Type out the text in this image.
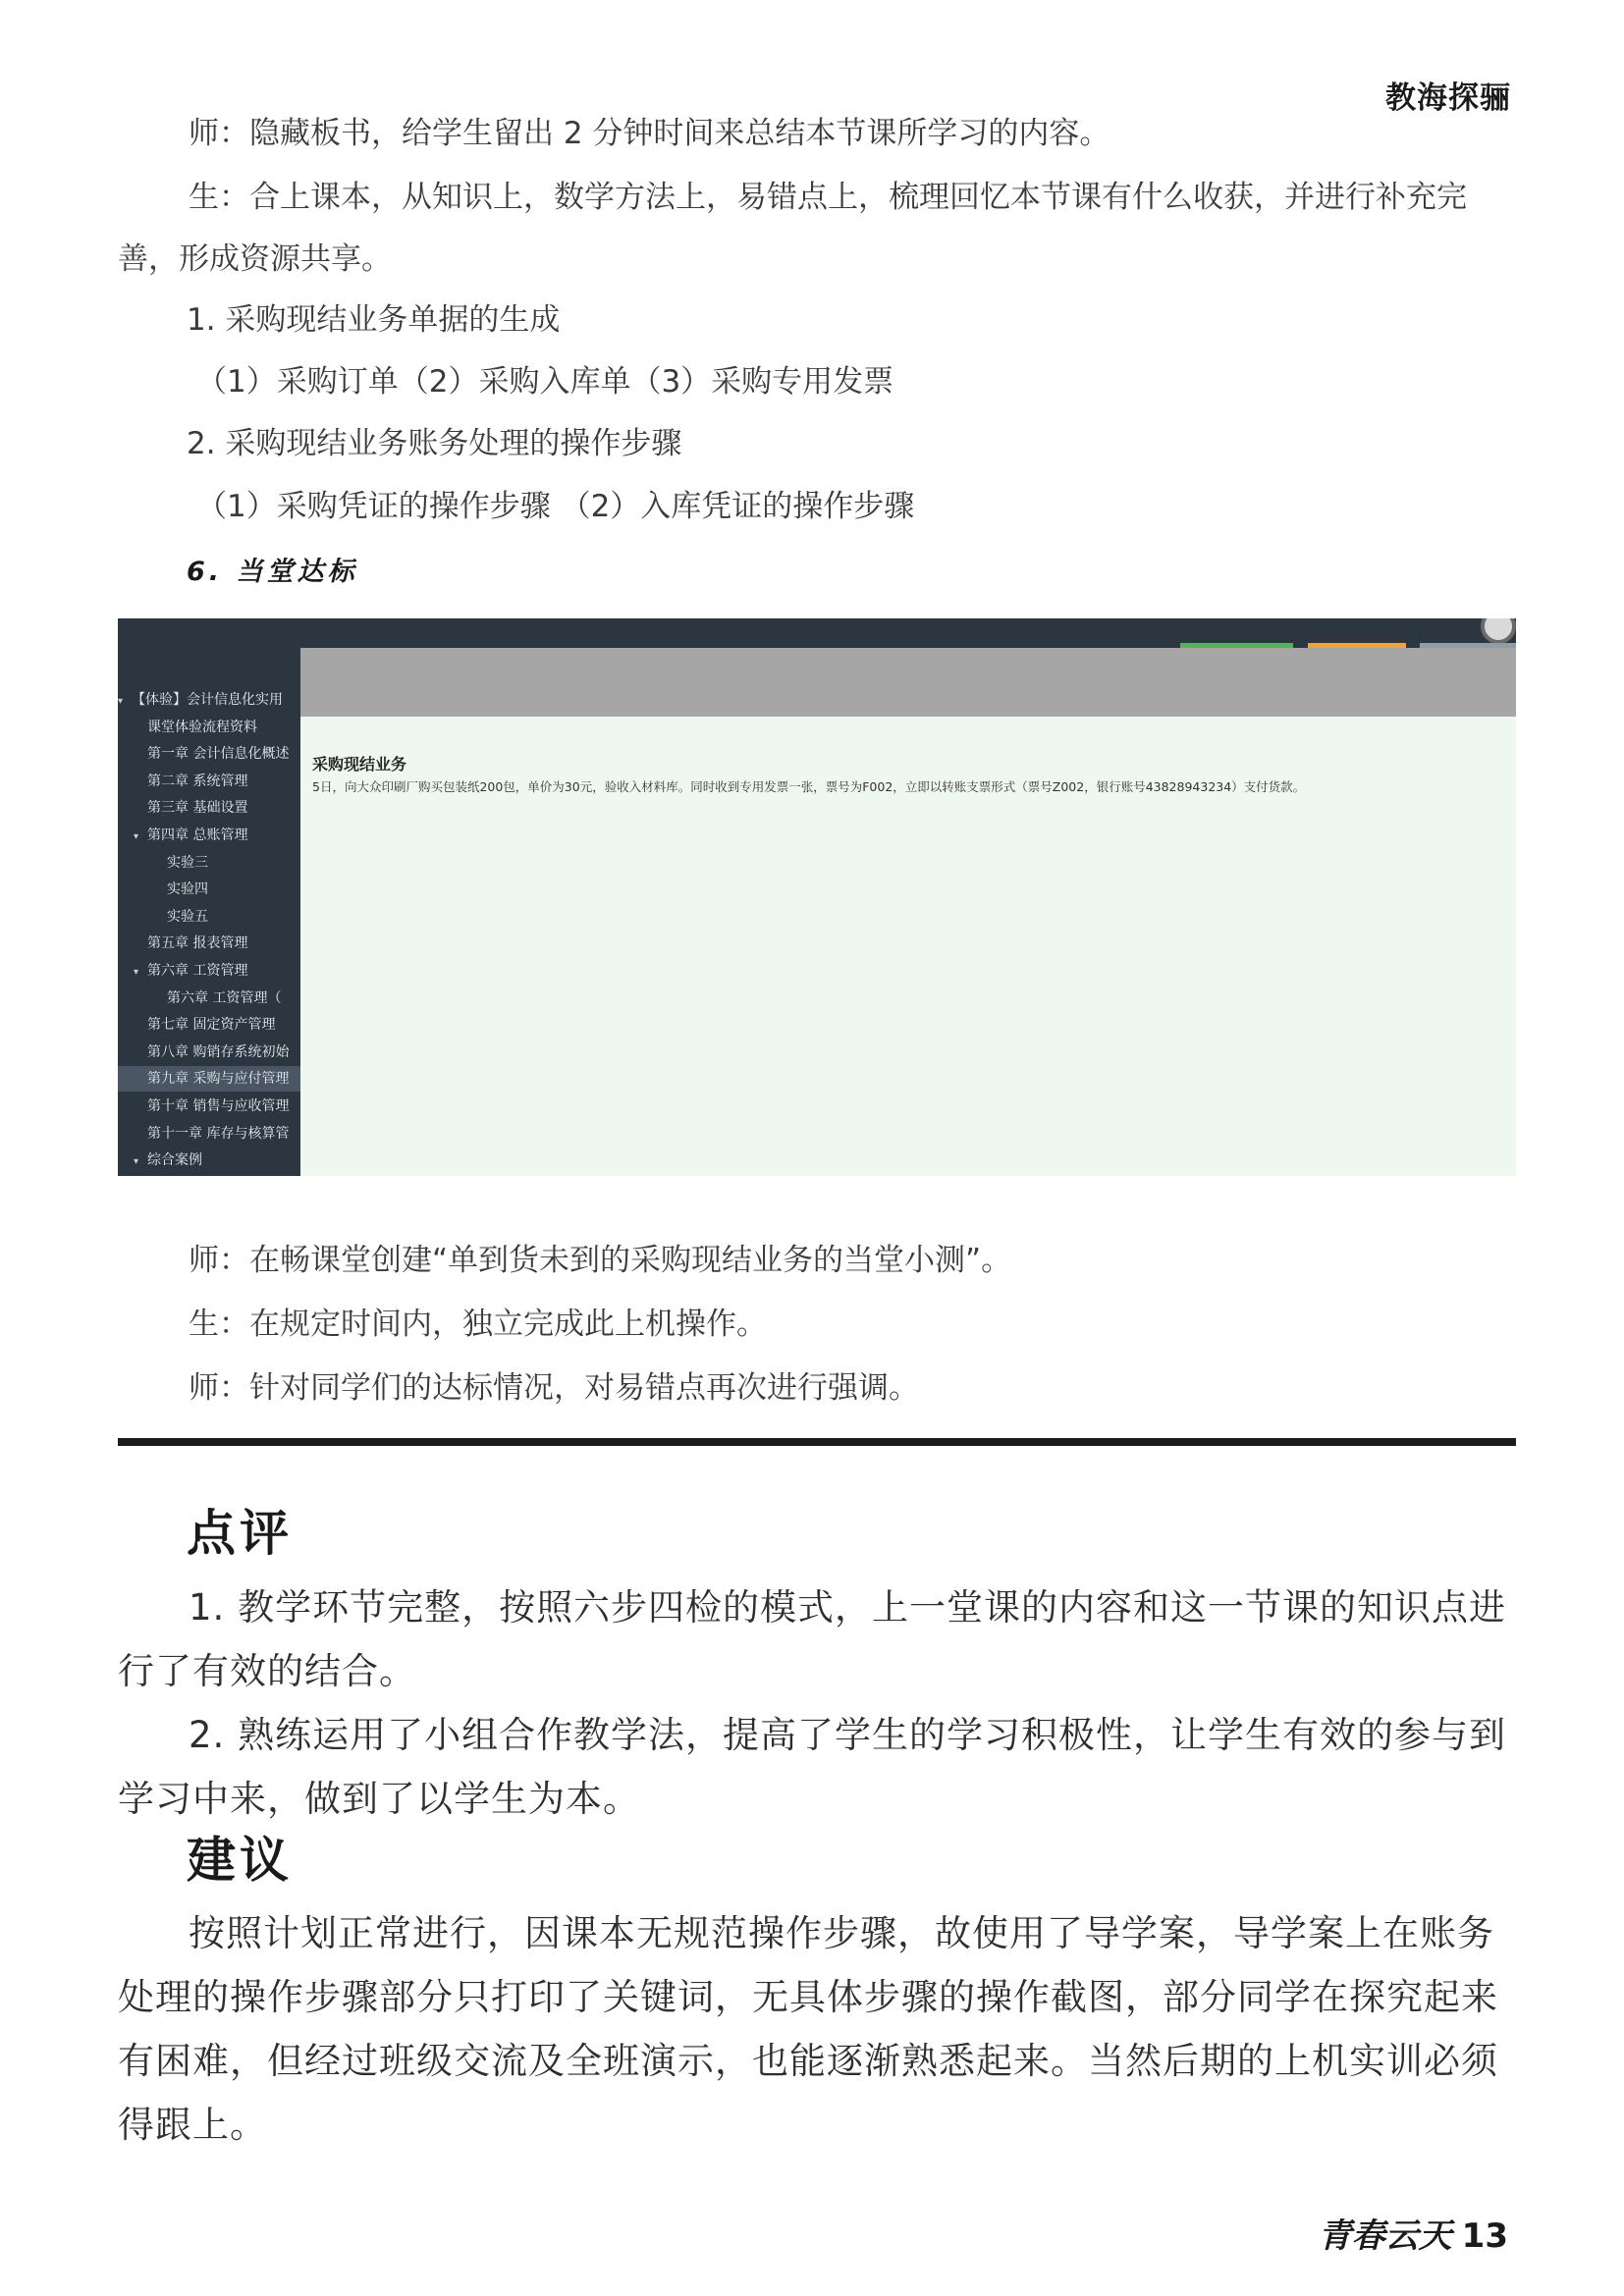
教海探骊
师：隐藏板书，给学生留出 2 分钟时间来总结本节课所学习的内容。
生：合上课本，从知识上，数学方法上，易错点上，梳理回忆本节课有什么收获，并进行补充完
善，形成资源共享。
1. 采购现结业务单据的生成
（1）采购订单（2）采购入库单（3）采购专用发票
2. 采购现结业务账务处理的操作步骤
（1）采购凭证的操作步骤 （2）入库凭证的操作步骤
6. 当堂达标
▾ 【体验】会计信息化实用
课堂体验流程资料
第一章 会计信息化概述
第二章 系统管理
第三章 基础设置
▾ 第四章 总账管理
实验三
实验四
实验五
第五章 报表管理
▾ 第六章 工资管理
第六章 工资管理（
第七章 固定资产管理
第八章 购销存系统初始
第九章 采购与应付管理
第十章 销售与应收管理
第十一章 库存与核算管
▾ 综合案例
采购现结业务
5日，向大众印刷厂购买包装纸200包，单价为30元，验收入材料库。同时收到专用发票一张，票号为F002，立即以转账支票形式（票号Z002，银行账号43828943234）支付货款。
师：在畅课堂创建“单到货未到的采购现结业务的当堂小测”。
生：在规定时间内，独立完成此上机操作。
师：针对同学们的达标情况，对易错点再次进行强调。
点评
1. 教学环节完整，按照六步四检的模式，上一堂课的内容和这一节课的知识点进行了有效的结合。
2. 熟练运用了小组合作教学法，提高了学生的学习积极性，让学生有效的参与到学习中来，做到了以学生为本。
建议
按照计划正常进行，因课本无规范操作步骤，故使用了导学案，导学案上在账务处理的操作步骤部分只打印了关键词，无具体步骤的操作截图，部分同学在探究起来有困难，但经过班级交流及全班演示，也能逐渐熟悉起来。当然后期的上机实训必须得跟上。
青春云天 13
